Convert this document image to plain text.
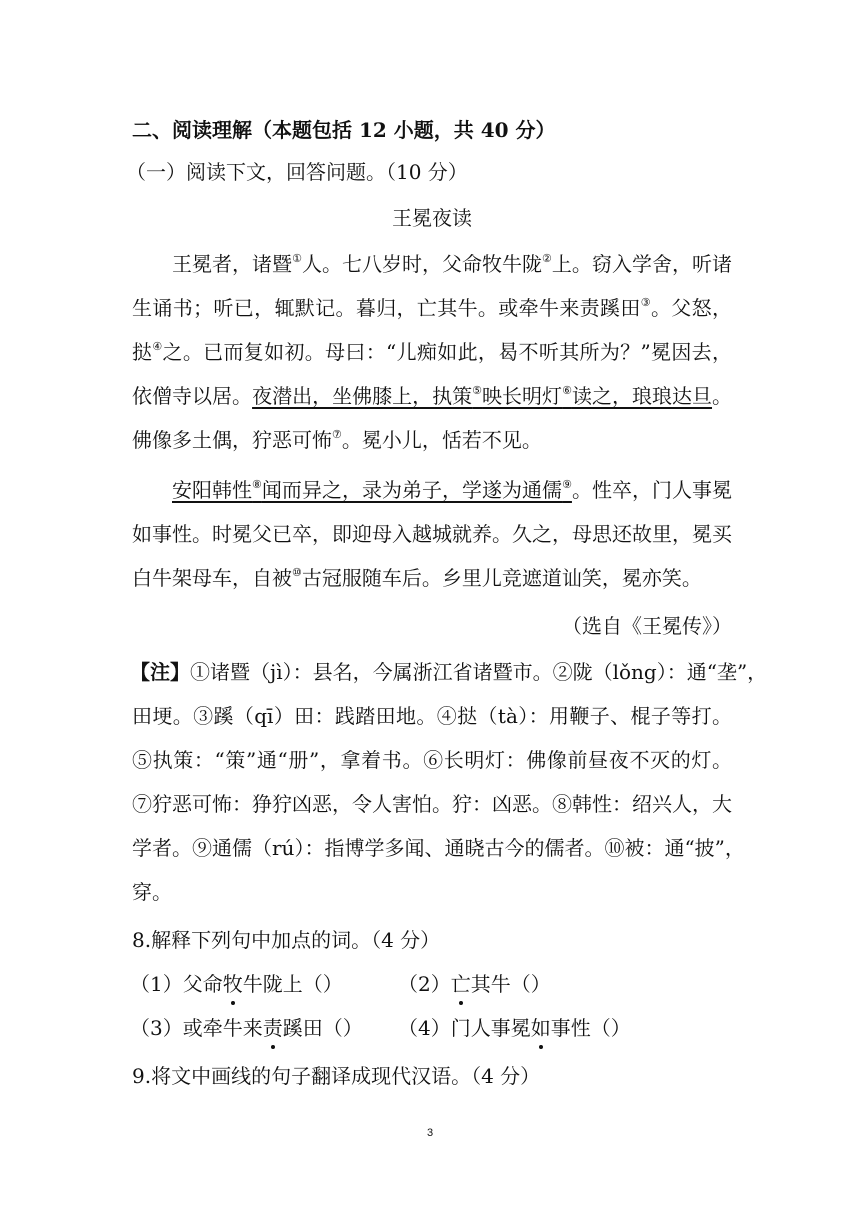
二、阅读理解（本题包括 12 小题，共 40 分）
（一）阅读下文，回答问题。（10 分）
王冕夜读
王冕者，诸暨①人。七八岁时，父命牧牛陇②上。窃入学舍，听诸
生诵书；听已，辄默记。暮归，亡其牛。或牵牛来责蹊田③。父怒，
挞④之。已而复如初。母曰：“儿痴如此，曷不听其所为？”冕因去，
依僧寺以居。夜潜出，坐佛膝上，执策⑤映长明灯⑥读之，琅琅达旦。
佛像多土偶，狞恶可怖⑦。冕小儿，恬若不见。
安阳韩性⑧闻而异之，录为弟子，学遂为通儒⑨。性卒，门人事冕
如事性。时冕父已卒，即迎母入越城就养。久之，母思还故里，冕买
白牛架母车，自被⑩古冠服随车后。乡里儿竞遮道讪笑，冕亦笑。
（选自《王冕传》）
【注】①诸暨（jì）：县名，今属浙江省诸暨市。②陇（lǒng）：通“垄”，
田埂。③蹊（qī）田：践踏田地。④挞（tà）：用鞭子、棍子等打。
⑤执策：“策”通“册”，拿着书。⑥长明灯：佛像前昼夜不灭的灯。
⑦狞恶可怖：狰狞凶恶，令人害怕。狞：凶恶。⑧韩性：绍兴人，大
学者。⑨通儒（rú）：指博学多闻、通晓古今的儒者。⑩被：通“披”，
穿。
8.解释下列句中加点的词。（4 分）
（1）父命牧牛陇上（）	（2）亡其牛（）
（3）或牵牛来责蹊田（） （4）门人事冕如事性（）
9.将文中画线的句子翻译成现代汉语。（4 分）
3
